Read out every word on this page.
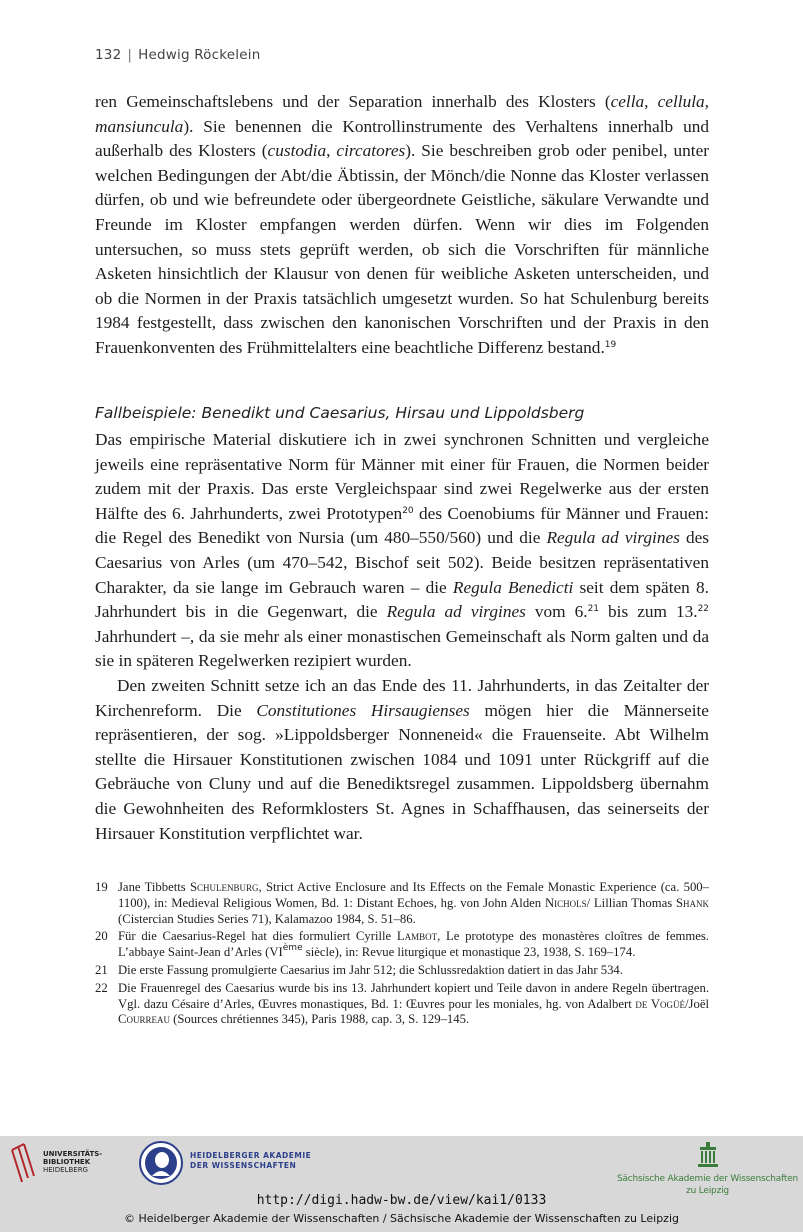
132 | Hedwig Röckelein

ren Gemeinschaftslebens und der Separation innerhalb des Klosters (cella, cellula, mansiuncula). Sie benennen die Kontrollinstrumente des Verhaltens innerhalb und außerhalb des Klosters (custodia, circatores). Sie beschreiben grob oder penibel, unter welchen Bedingungen der Abt/die Äbtissin, der Mönch/die Nonne das Kloster verlassen dürfen, ob und wie befreundete oder übergeordnete Geistliche, säkulare Verwandte und Freunde im Kloster empfangen werden dürfen. Wenn wir dies im Folgenden untersuchen, so muss stets geprüft werden, ob sich die Vorschriften für männliche Asketen hinsichtlich der Klausur von denen für weibliche Asketen unterscheiden, und ob die Normen in der Praxis tatsächlich umgesetzt wurden. So hat Schulenburg bereits 1984 festgestellt, dass zwischen den kanonischen Vorschriften und der Praxis in den Frauenkonventen des Frühmittelalters eine beachtliche Differenz bestand.$^{19}$

Fallbeispiele: Benedikt und Caesarius, Hirsau und Lippoldsberg

Das empirische Material diskutiere ich in zwei synchronen Schnitten und vergleiche jeweils eine repräsentative Norm für Männer mit einer für Frauen, die Normen beider zudem mit der Praxis. Das erste Vergleichspaar sind zwei Regelwerke aus der ersten Hälfte des 6. Jahrhunderts, zwei Prototypen$^{20}$ des Coenobiums für Männer und Frauen: die Regel des Benedikt von Nursia (um 480–550/560) und die Regula ad virgines des Caesarius von Arles (um 470–542, Bischof seit 502). Beide besitzen repräsentativen Charakter, da sie lange im Gebrauch waren – die Regula Benedicti seit dem späten 8. Jahrhundert bis in die Gegenwart, die Regula ad virgines vom 6.21 bis zum 13.22 Jahrhundert –, da sie mehr als einer monastischen Gemeinschaft als Norm galten und da sie in späteren Regelwerken rezipiert wurden.

Den zweiten Schnitt setze ich an das Ende des 11. Jahrhunderts, in das Zeitalter der Kirchenreform. Die Constitutiones Hirsaugienses mögen hier die Männerseite repräsentieren, der sog. »Lippoldsberger Nonneneid« die Frauenseite. Abt Wilhelm stellte die Hirsauer Konstitutionen zwischen 1084 und 1091 unter Rückgriff auf die Gebräuche von Cluny und auf die Benediktsregel zusammen. Lippoldsberg übernahm die Gewohnheiten des Reformklosters St. Agnes in Schaffhausen, das seinerseits der Hirsauer Konstitution verpflichtet war.

19 Jane Tibbetts Schulenburg, Strict Active Enclosure and Its Effects on the Female Monastic Experience (ca. 500–1100), in: Medieval Religious Women, Bd. 1: Distant Echoes, hg. von John Alden Nichols/ Lillian Thomas Shank (Cistercian Studies Series 71), Kalamazoo 1984, S. 51–86.
20 Für die Caesarius-Regel hat dies formuliert Cyrille Lambot, Le prototype des monastères cloîtres de femmes. L’abbaye Saint-Jean d’Arles (VIème siècle), in: Revue liturgique et monastique 23, 1938, S. 169–174.
21 Die erste Fassung promulgierte Caesarius im Jahr 512; die Schlussredaktion datiert in das Jahr 534.
22 Die Frauenregel des Caesarius wurde bis ins 13. Jahrhundert kopiert und Teile davon in andere Regeln übertragen. Vgl. dazu Césaire d’Arles, Œuvres monastiques, Bd. 1: Œuvres pour les moniales, hg. von Adalbert de Vogüé/Joël Courreau (Sources chrétiennes 345), Paris 1988, cap. 3, S. 129–145.
UNIVERSITÄTS-
BIBLIOTHEK
HEIDELBERG
HEIDELBERGER AKADEMIE
DER WISSENSCHAFTEN
Sächsische Akademie der Wissenschaften
zu Leipzig
http://digi.hadw-bw.de/view/kai1/0133
© Heidelberger Akademie der Wissenschaften / Sächsische Akademie der Wissenschaften zu Leipzig
